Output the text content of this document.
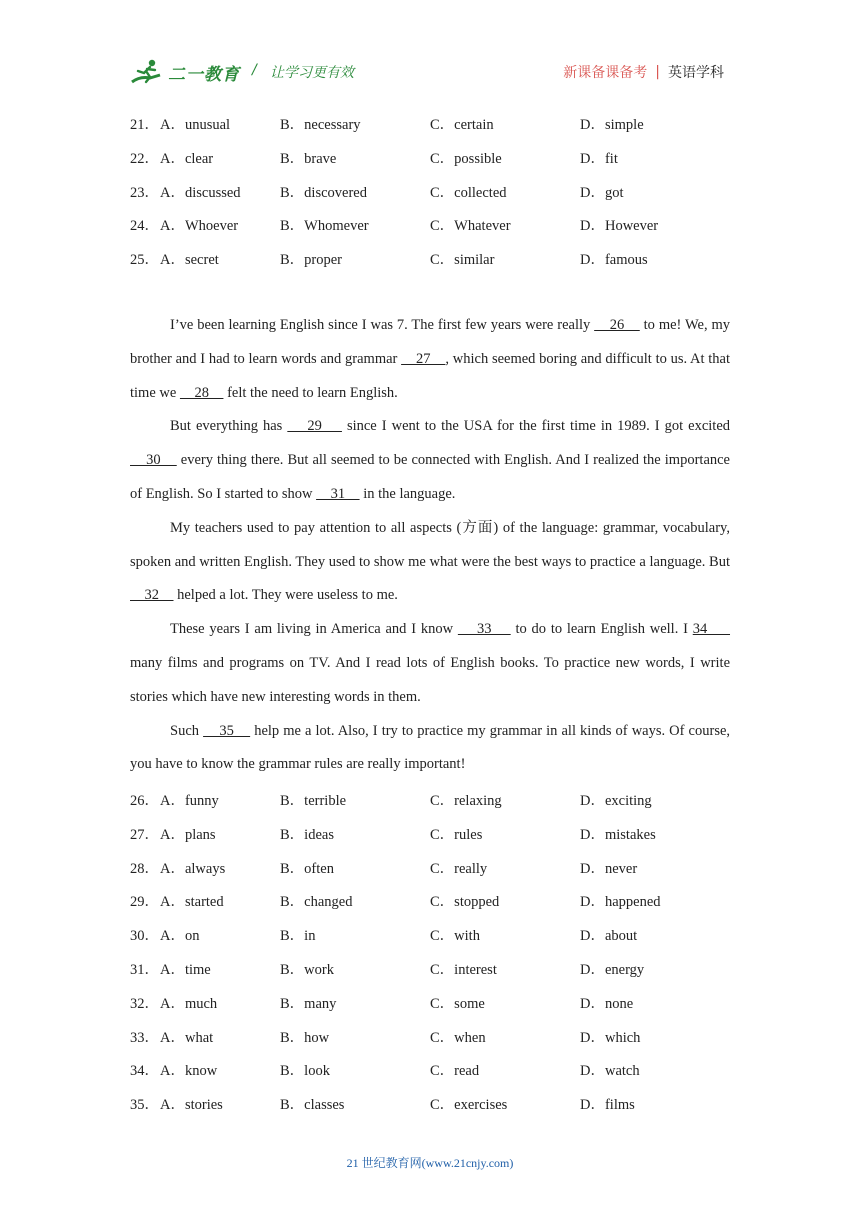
二一教育 / 让学习更有效	新课备课备考 | 英语学科
21． A．unusual	B．necessary	C．certain	D．simple
22． A．clear	B．brave	C．possible	D．fit
23． A．discussed	B．discovered	C．collected	D．got
24． A．Whoever	B．Whomever	C．Whatever	D．However
25． A．secret	B．proper	C．similar	D．famous

I’ve been learning English since I was 7. The first few years were really     26     to me! We, my brother and I had to learn words and grammar     27    , which seemed boring and difficult to us. At that time we     28     felt the need to learn English.

But everything has     29     since I went to the USA for the first time in 1989. I got excited     30     every thing there. But all seemed to be connected with English. And I realized the importance of English. So I started to show     31     in the language.

My teachers used to pay attention to all aspects (方面) of the language: grammar, vocabulary, spoken and written English. They used to show me what were the best ways to practice a language. But     32     helped a lot. They were useless to me.

These years I am living in America and I know     33     to do to learn English well. I 34      many films and programs on TV. And I read lots of English books. To practice new words, I write stories which have new interesting words in them.

Such     35     help me a lot. Also, I try to practice my grammar in all kinds of ways. Of course, you have to know the grammar rules are really important!

26． A．funny	B．terrible	C．relaxing	D．exciting
27． A．plans	B．ideas	C．rules	D．mistakes
28． A．always	B．often	C．really	D．never
29． A．started	B．changed	C．stopped	D．happened
30． A．on	B．in	C．with	D．about
31． A．time	B．work	C．interest	D．energy
32． A．much	B．many	C．some	D．none
33． A．what	B．how	C．when	D．which
34． A．know	B．look	C．read	D．watch
35． A．stories	B．classes	C．exercises	D．films
21 世纪教育网(www.21cnjy.com)
